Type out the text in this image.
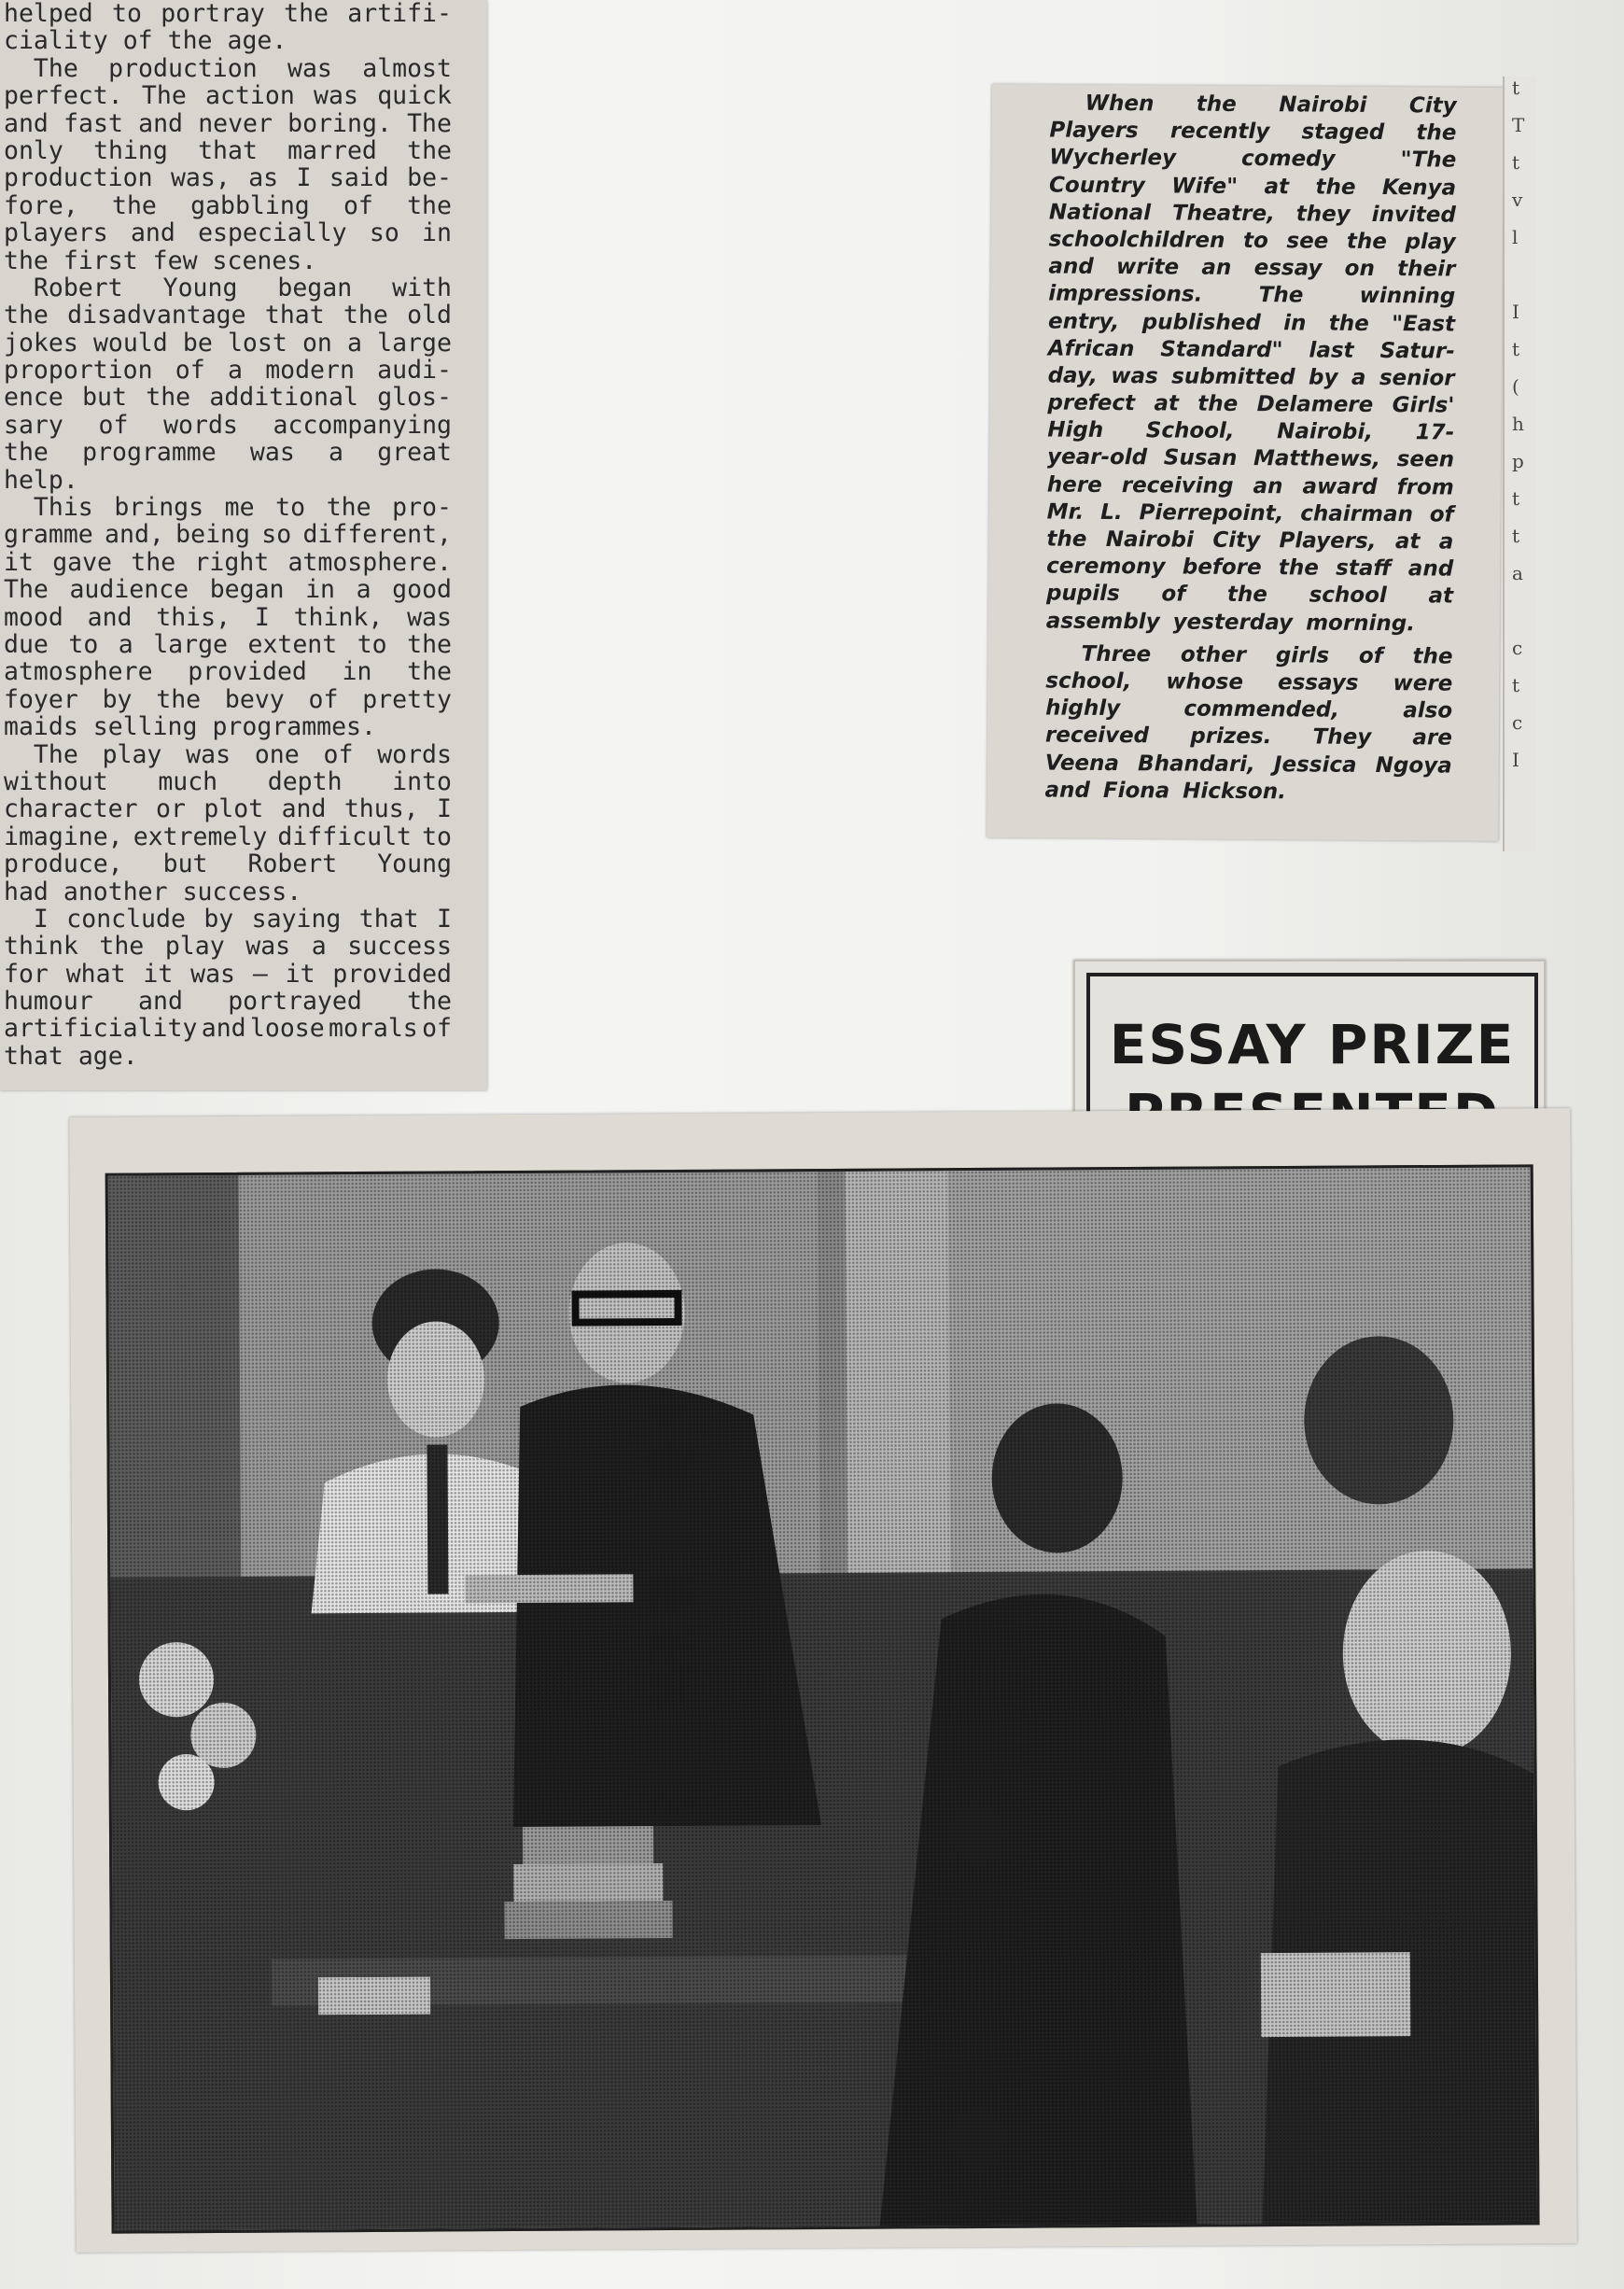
helped to portray the artifi-
ciality of the age.
The production was almost
perfect. The action was quick
and fast and never boring. The
only thing that marred the
production was, as I said be-
fore, the gabbling of the
players and especially so in
the first few scenes.
Robert Young began with
the disadvantage that the old
jokes would be lost on a large
proportion of a modern audi-
ence but the additional glos-
sary of words accompanying
the programme was a great
help.
This brings me to the pro-
gramme and, being so different,
it gave the right atmosphere.
The audience began in a good
mood and this, I think, was
due to a large extent to the
atmosphere provided in the
foyer by the bevy of pretty
maids selling programmes.
The play was one of words
without much depth into
character or plot and thus, I
imagine, extremely difficult to
produce, but Robert Young
had another success.
I conclude by saying that I
think the play was a success
for what it was — it provided
humour and portrayed the
artificiality and loose morals of
that age.
When the Nairobi City
Players recently staged the
Wycherley	comedy	"The
Country Wife" at the Kenya
National Theatre, they invited
schoolchildren to see the play
and write an essay on their
impressions.	The	winning
entry, published in the "East
African Standard" last Satur-
day, was submitted by a senior
prefect at the Delamere Girls'
High School, Nairobi, 17-
year-old Susan Matthews, seen
here receiving an award from
Mr. L. Pierrepoint, chairman of
the Nairobi City Players, at a
ceremony before the staff and
pupils of the school at
assembly yesterday morning.
Three other girls of the
school, whose essays were
highly	commended,	also
received prizes. They are
Veena Bhandari, Jessica Ngoya
and Fiona Hickson.
t
T
t
v
l
I
t
(
h
p
t
t
a
c
t
c
I
ESSAY PRIZE
